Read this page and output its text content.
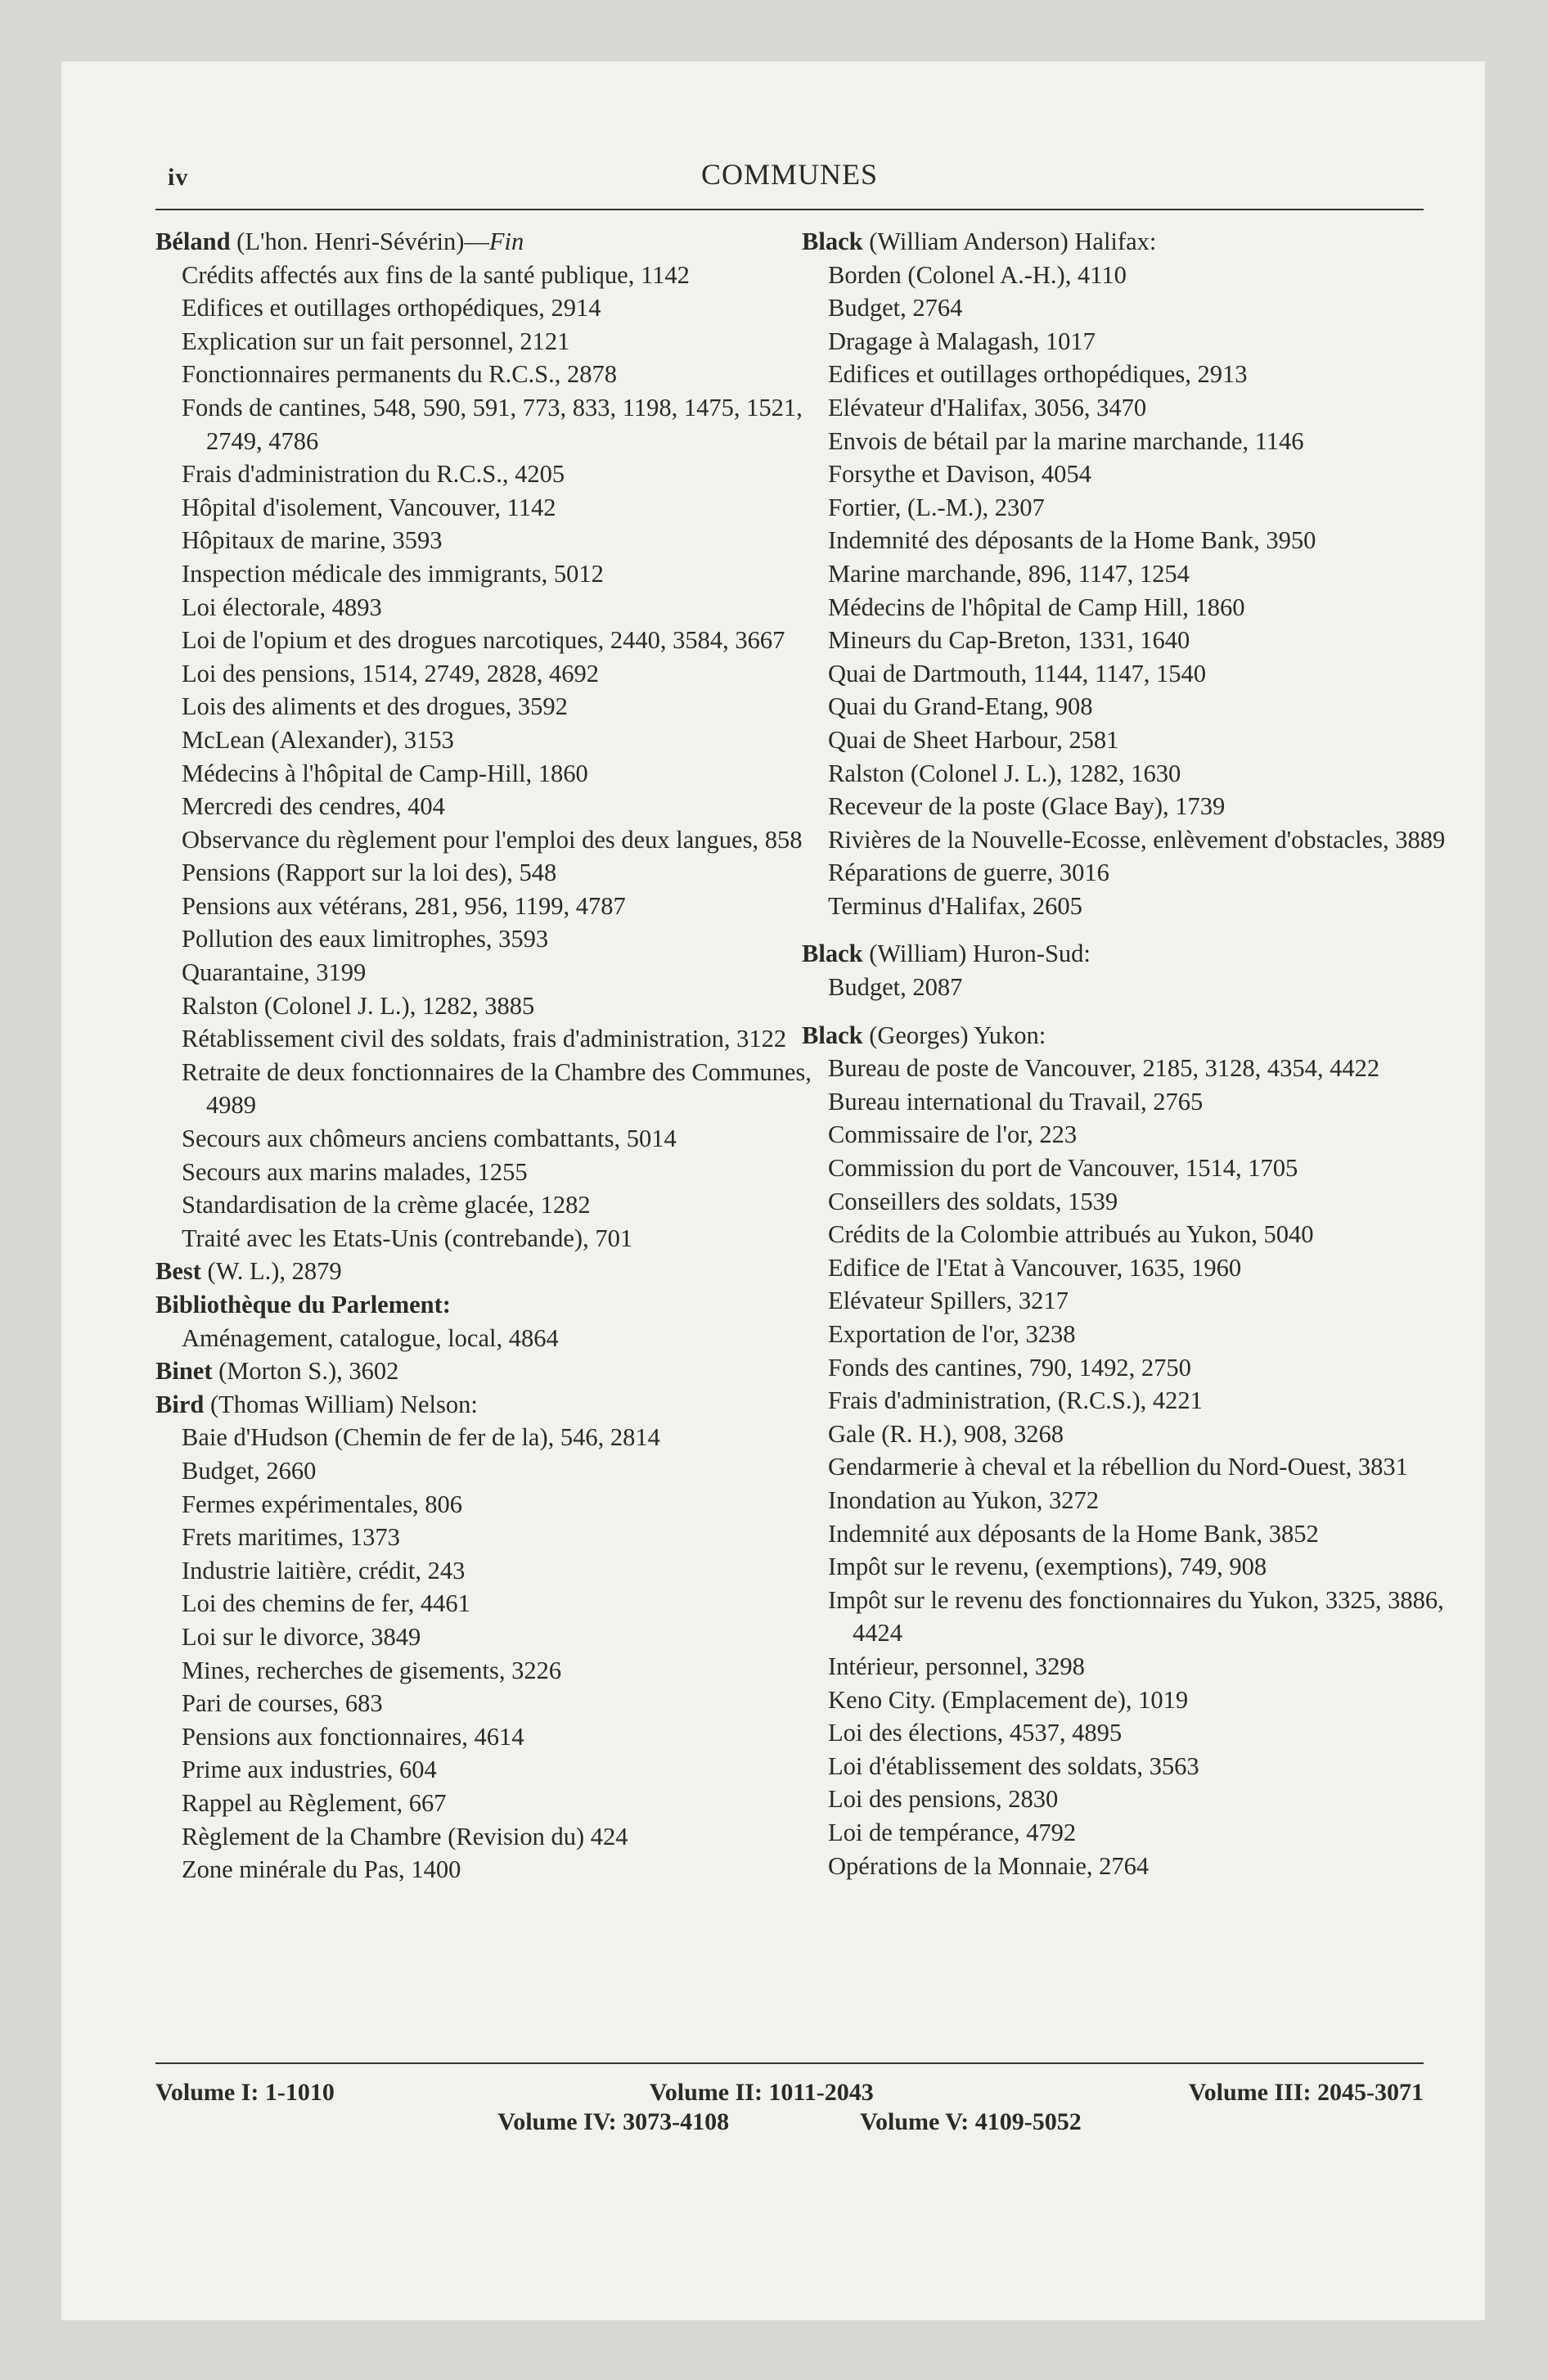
iv	COMMUNES
Béland (L'hon. Henri-Sévérin)—Fin
Crédits affectés aux fins de la santé publique, 1142
Edifices et outillages orthopédiques, 2914
Explication sur un fait personnel, 2121
Fonctionnaires permanents du R.C.S., 2878
Fonds de cantines, 548, 590, 591, 773, 833, 1198, 1475, 1521, 2749, 4786
Frais d'administration du R.C.S., 4205
Hôpital d'isolement, Vancouver, 1142
Hôpitaux de marine, 3593
Inspection médicale des immigrants, 5012
Loi électorale, 4893
Loi de l'opium et des drogues narcotiques, 2440, 3584, 3667
Loi des pensions, 1514, 2749, 2828, 4692
Lois des aliments et des drogues, 3592
McLean (Alexander), 3153
Médecins à l'hôpital de Camp-Hill, 1860
Mercredi des cendres, 404
Observance du règlement pour l'emploi des deux langues, 858
Pensions (Rapport sur la loi des), 548
Pensions aux vétérans, 281, 956, 1199, 4787
Pollution des eaux limitrophes, 3593
Quarantaine, 3199
Ralston (Colonel J. L.), 1282, 3885
Rétablissement civil des soldats, frais d'administration, 3122
Retraite de deux fonctionnaires de la Chambre des Communes, 4989
Secours aux chômeurs anciens combattants, 5014
Secours aux marins malades, 1255
Standardisation de la crème glacée, 1282
Traité avec les Etats-Unis (contrebande), 701
Best (W. L.), 2879
Bibliothèque du Parlement:
Aménagement, catalogue, local, 4864
Binet (Morton S.), 3602
Bird (Thomas William) Nelson:
Baie d'Hudson (Chemin de fer de la), 546, 2814
Budget, 2660
Fermes expérimentales, 806
Frets maritimes, 1373
Industrie laitière, crédit, 243
Loi des chemins de fer, 4461
Loi sur le divorce, 3849
Mines, recherches de gisements, 3226
Pari de courses, 683
Pensions aux fonctionnaires, 4614
Prime aux industries, 604
Rappel au Règlement, 667
Règlement de la Chambre (Revision du) 424
Zone minérale du Pas, 1400
Black (William Anderson) Halifax:
Borden (Colonel A.-H.), 4110
Budget, 2764
Dragage à Malagash, 1017
Edifices et outillages orthopédiques, 2913
Elévateur d'Halifax, 3056, 3470
Envois de bétail par la marine marchande, 1146
Forsythe et Davison, 4054
Fortier, (L.-M.), 2307
Indemnité des déposants de la Home Bank, 3950
Marine marchande, 896, 1147, 1254
Médecins de l'hôpital de Camp Hill, 1860
Mineurs du Cap-Breton, 1331, 1640
Quai de Dartmouth, 1144, 1147, 1540
Quai du Grand-Etang, 908
Quai de Sheet Harbour, 2581
Ralston (Colonel J. L.), 1282, 1630
Receveur de la poste (Glace Bay), 1739
Rivières de la Nouvelle-Ecosse, enlèvement d'obstacles, 3889
Réparations de guerre, 3016
Terminus d'Halifax, 2605
Black (William) Huron-Sud:
Budget, 2087
Black (Georges) Yukon:
Bureau de poste de Vancouver, 2185, 3128, 4354, 4422
Bureau international du Travail, 2765
Commissaire de l'or, 223
Commission du port de Vancouver, 1514, 1705
Conseillers des soldats, 1539
Crédits de la Colombie attribués au Yukon, 5040
Edifice de l'Etat à Vancouver, 1635, 1960
Elévateur Spillers, 3217
Exportation de l'or, 3238
Fonds des cantines, 790, 1492, 2750
Frais d'administration, (R.C.S.), 4221
Gale (R. H.), 908, 3268
Gendarmerie à cheval et la rébellion du Nord-Ouest, 3831
Inondation au Yukon, 3272
Indemnité aux déposants de la Home Bank, 3852
Impôt sur le revenu, (exemptions), 749, 908
Impôt sur le revenu des fonctionnaires du Yukon, 3325, 3886, 4424
Intérieur, personnel, 3298
Keno City. (Emplacement de), 1019
Loi des élections, 4537, 4895
Loi d'établissement des soldats, 3563
Loi des pensions, 2830
Loi de tempérance, 4792
Opérations de la Monnaie, 2764
Volume I: 1-1010	Volume II: 1011-2043	Volume III: 2045-3071
Volume IV: 3073-4108	Volume V: 4109-5052
